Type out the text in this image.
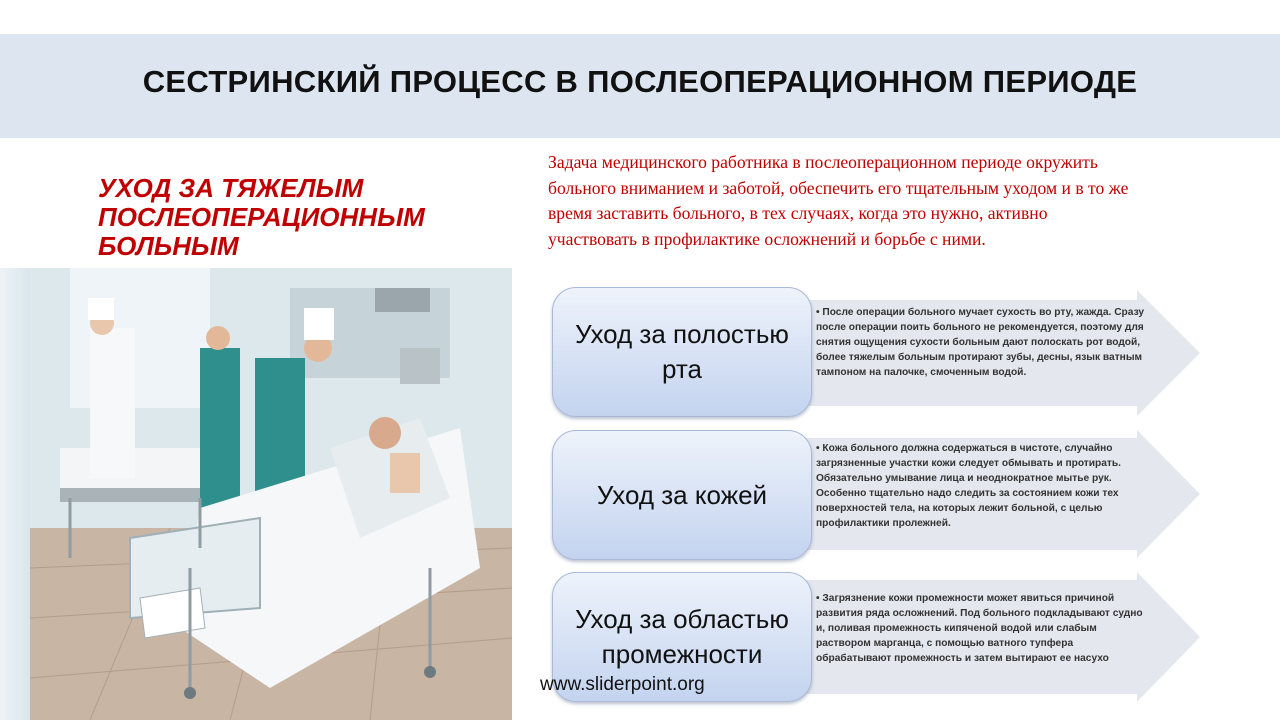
СЕСТРИНСКИЙ ПРОЦЕСС В ПОСЛЕОПЕРАЦИОННОМ ПЕРИОДЕ
УХОД ЗА ТЯЖЕЛЫМ ПОСЛЕОПЕРАЦИОННЫМ БОЛЬНЫМ

Задача медицинского работника в послеоперационном периоде окружить больного вниманием и заботой, обеспечить его тщательным уходом и в то же время заставить больного, в тех случаях, когда это нужно, активно участвовать в профилактике осложнений и борьбе с ними.

• После операции больного мучает сухость во рту, жажда. Сразу после операции поить больного не рекомендуется, поэтому для снятия ощущения сухости больным дают полоскать рот водой, более тяжелым больным протирают зубы, десны, язык ватным тампоном на палочке, смоченным водой.

Уход за полостью рта

• Кожа больного должна содержаться в чистоте, случайно загрязненные участки кожи следует обмывать и протирать. Обязательно умывание лица и неоднократное мытье рук. Особенно тщательно надо следить за состоянием кожи тех поверхностей тела, на которых лежит больной, с целью профилактики пролежней.

Уход за кожей

• Загрязнение кожи промежности может явиться причиной развития ряда осложнений. Под больного подкладывают судно и, поливая промежность кипяченой водой или слабым раствором марганца, с помощью ватного тупфера обрабатывают промежность и затем вытирают ее насухо

Уход за областью промежности
www.sliderpoint.org
